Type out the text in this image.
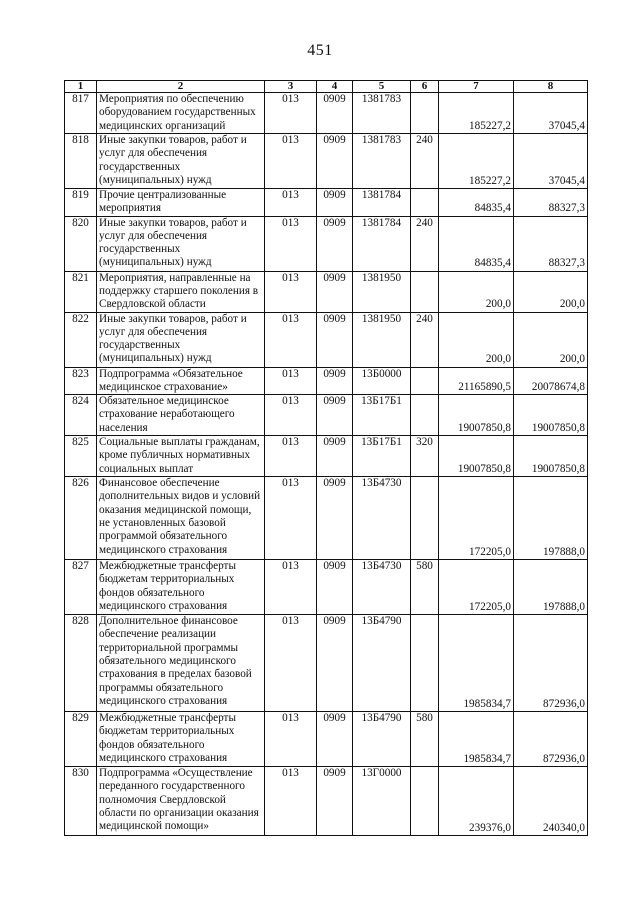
451
1	2	3	4	5	6	7	8
817	Мероприятия по обеспечению оборудованием государственных медицинских организаций	013	0909	1381783		185227,2	37045,4
818	Иные закупки товаров, работ и услуг для обеспечения государственных (муниципальных) нужд	013	0909	1381783	240	185227,2	37045,4
819	Прочие централизованные мероприятия	013	0909	1381784		84835,4	88327,3
820	Иные закупки товаров, работ и услуг для обеспечения государственных (муниципальных) нужд	013	0909	1381784	240	84835,4	88327,3
821	Мероприятия, направленные на поддержку старшего поколения в Свердловской области	013	0909	1381950		200,0	200,0
822	Иные закупки товаров, работ и услуг для обеспечения государственных (муниципальных) нужд	013	0909	1381950	240	200,0	200,0
823	Подпрограмма «Обязательное медицинское страхование»	013	0909	13Б0000		21165890,5	20078674,8
824	Обязательное медицинское страхование неработающего населения	013	0909	13Б17Б1		19007850,8	19007850,8
825	Социальные выплаты гражданам, кроме публичных нормативных социальных выплат	013	0909	13Б17Б1	320	19007850,8	19007850,8
826	Финансовое обеспечение дополнительных видов и условий оказания медицинской помощи, не установленных базовой программой обязательного медицинского страхования	013	0909	13Б4730		172205,0	197888,0
827	Межбюджетные трансферты бюджетам территориальных фондов обязательного медицинского страхования	013	0909	13Б4730	580	172205,0	197888,0
828	Дополнительное финансовое обеспечение реализации территориальной программы обязательного медицинского страхования в пределах базовой программы обязательного медицинского страхования	013	0909	13Б4790		1985834,7	872936,0
829	Межбюджетные трансферты бюджетам территориальных фондов обязательного медицинского страхования	013	0909	13Б4790	580	1985834,7	872936,0
830	Подпрограмма «Осуществление переданного государственного полномочия Свердловской области по организации оказания медицинской помощи»	013	0909	13Г0000		239376,0	240340,0
